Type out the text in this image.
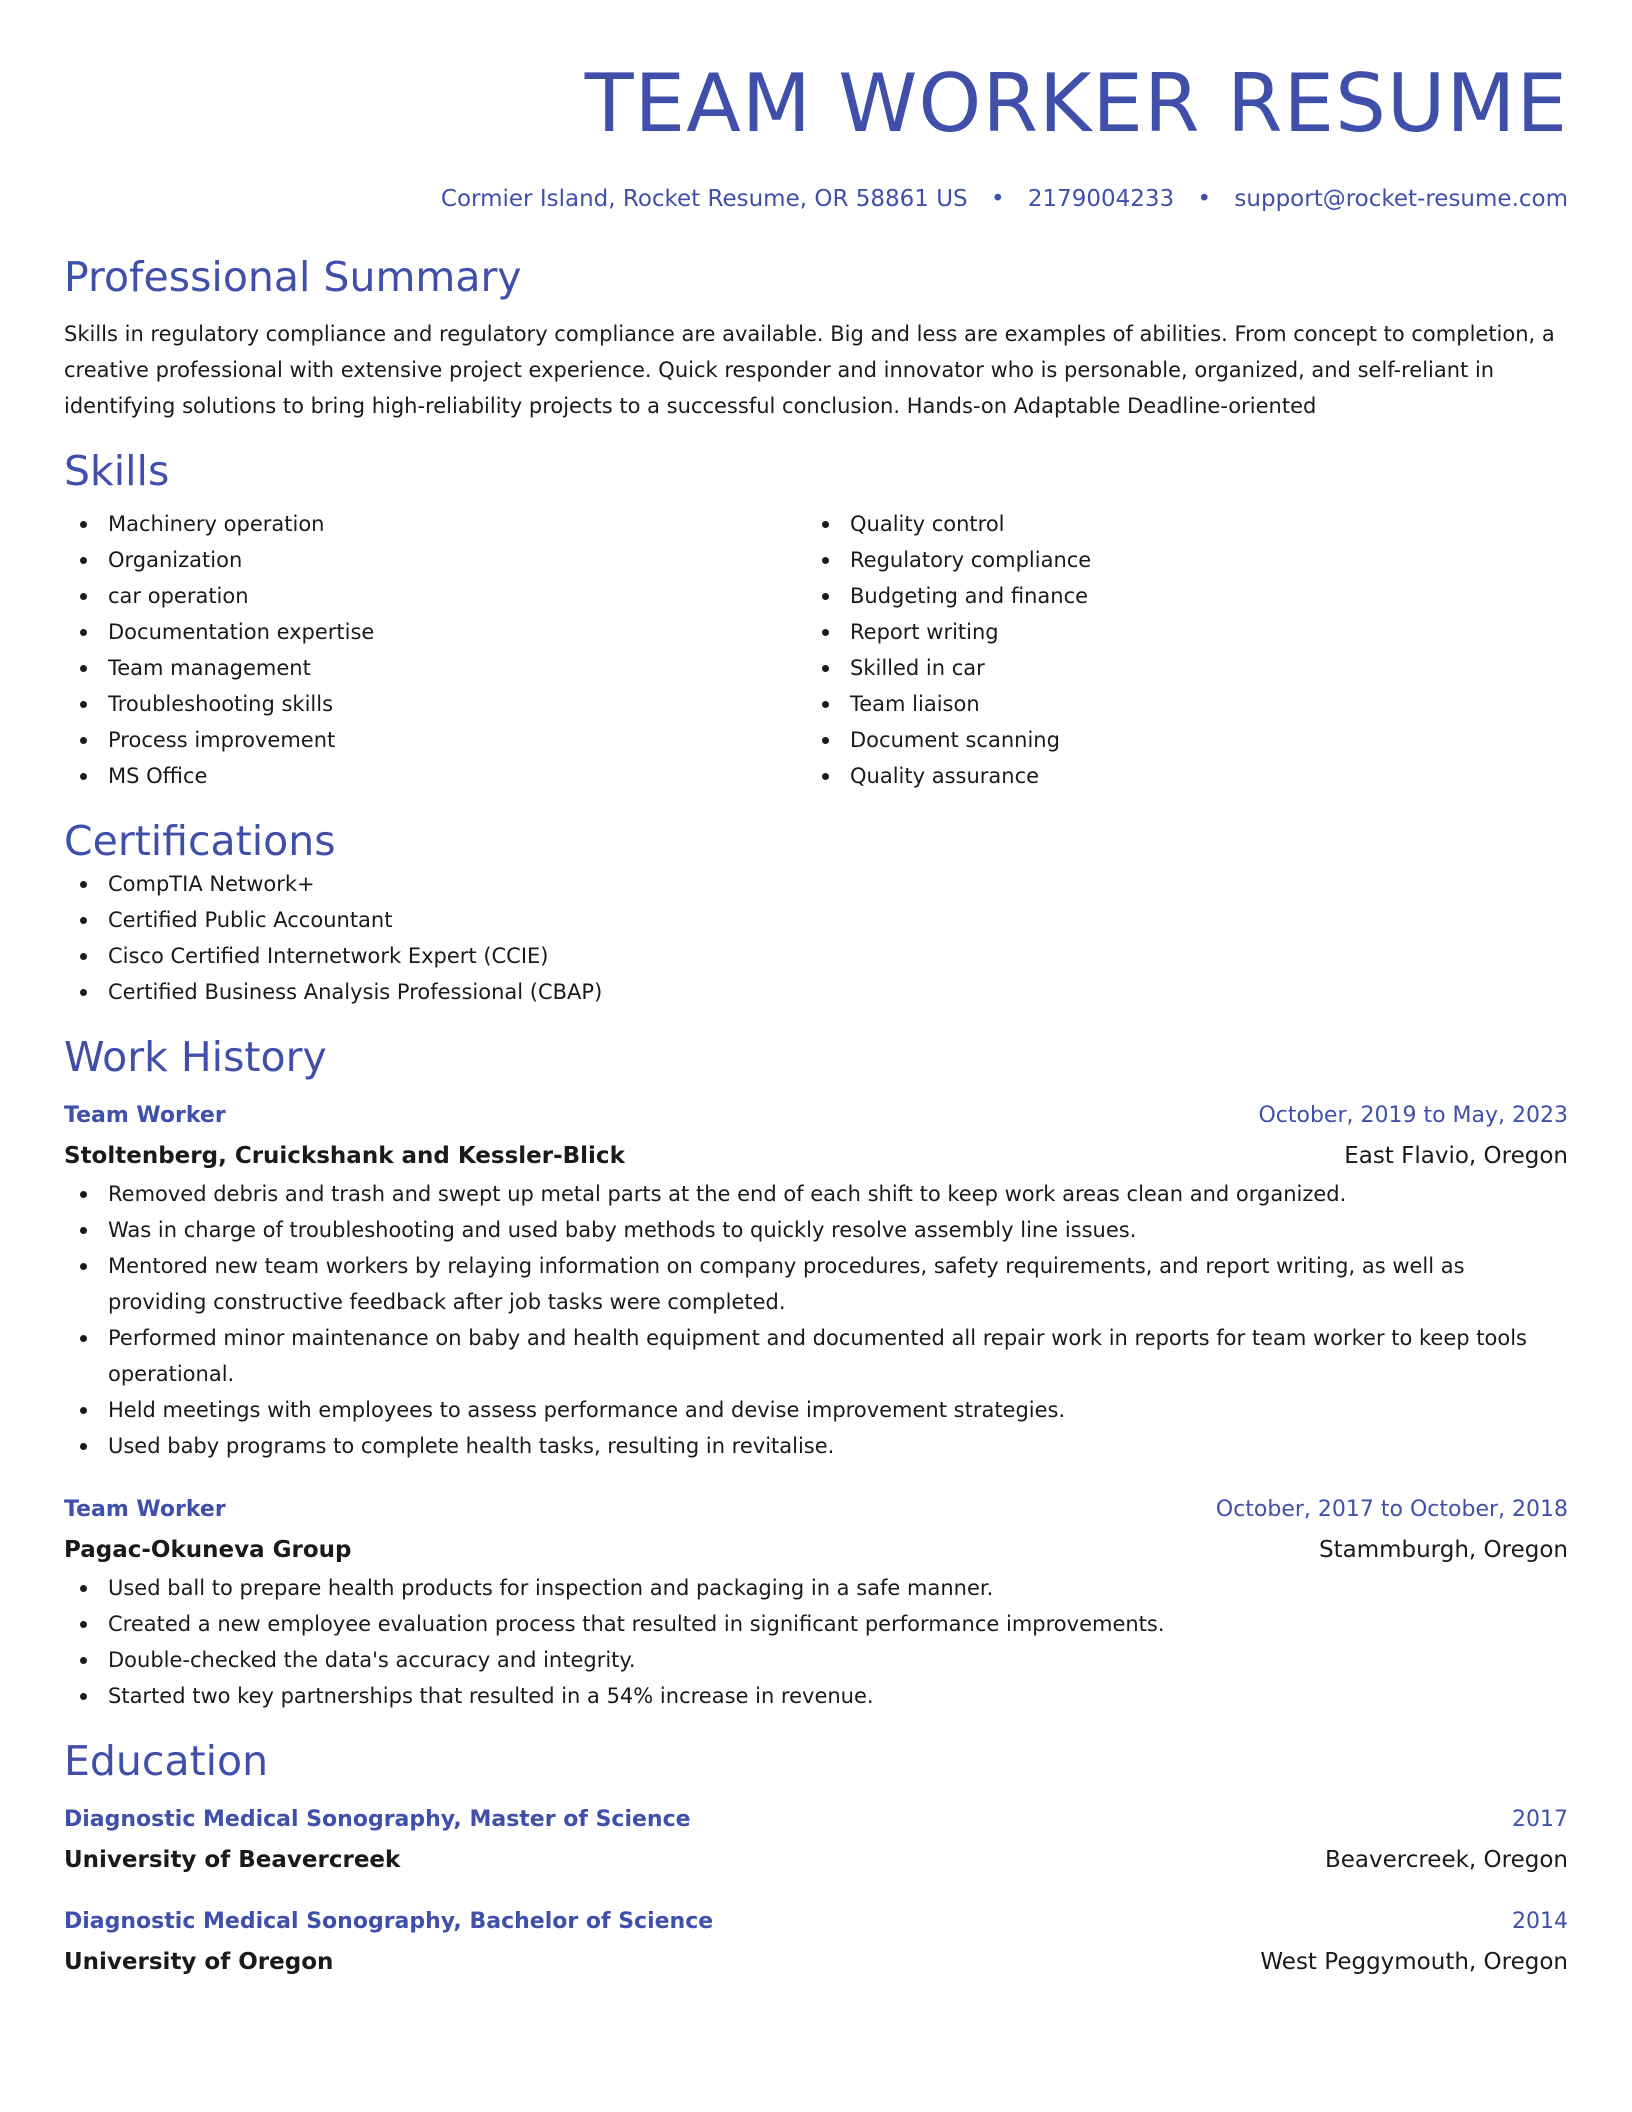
TEAM WORKER RESUME
Cormier Island, Rocket Resume, OR 58861 US • 2179004233 • support@rocket-resume.com
Professional Summary

Skills in regulatory compliance and regulatory compliance are available. Big and less are examples of abilities. From concept to completion, a creative professional with extensive project experience. Quick responder and innovator who is personable, organized, and self-reliant in identifying solutions to bring high-reliability projects to a successful conclusion. Hands-on Adaptable Deadline-oriented

Skills
Machinery operation
Organization
car operation
Documentation expertise
Team management
Troubleshooting skills
Process improvement
MS Office
Quality control
Regulatory compliance
Budgeting and finance
Report writing
Skilled in car
Team liaison
Document scanning
Quality assurance
Certifications
CompTIA Network+
Certified Public Accountant
Cisco Certified Internetwork Expert (CCIE)
Certified Business Analysis Professional (CBAP)
Work History
Team Worker	October, 2019 to May, 2023
Stoltenberg, Cruickshank and Kessler-Blick	East Flavio, Oregon
Removed debris and trash and swept up metal parts at the end of each shift to keep work areas clean and organized.
Was in charge of troubleshooting and used baby methods to quickly resolve assembly line issues.
Mentored new team workers by relaying information on company procedures, safety requirements, and report writing, as well as providing constructive feedback after job tasks were completed.
Performed minor maintenance on baby and health equipment and documented all repair work in reports for team worker to keep tools operational.
Held meetings with employees to assess performance and devise improvement strategies.
Used baby programs to complete health tasks, resulting in revitalise.
Team Worker	October, 2017 to October, 2018
Pagac-Okuneva Group	Stammburgh, Oregon
Used ball to prepare health products for inspection and packaging in a safe manner.
Created a new employee evaluation process that resulted in significant performance improvements.
Double-checked the data's accuracy and integrity.
Started two key partnerships that resulted in a 54% increase in revenue.
Education
Diagnostic Medical Sonography, Master of Science	2017
University of Beavercreek	Beavercreek, Oregon
Diagnostic Medical Sonography, Bachelor of Science	2014
University of Oregon	West Peggymouth, Oregon
